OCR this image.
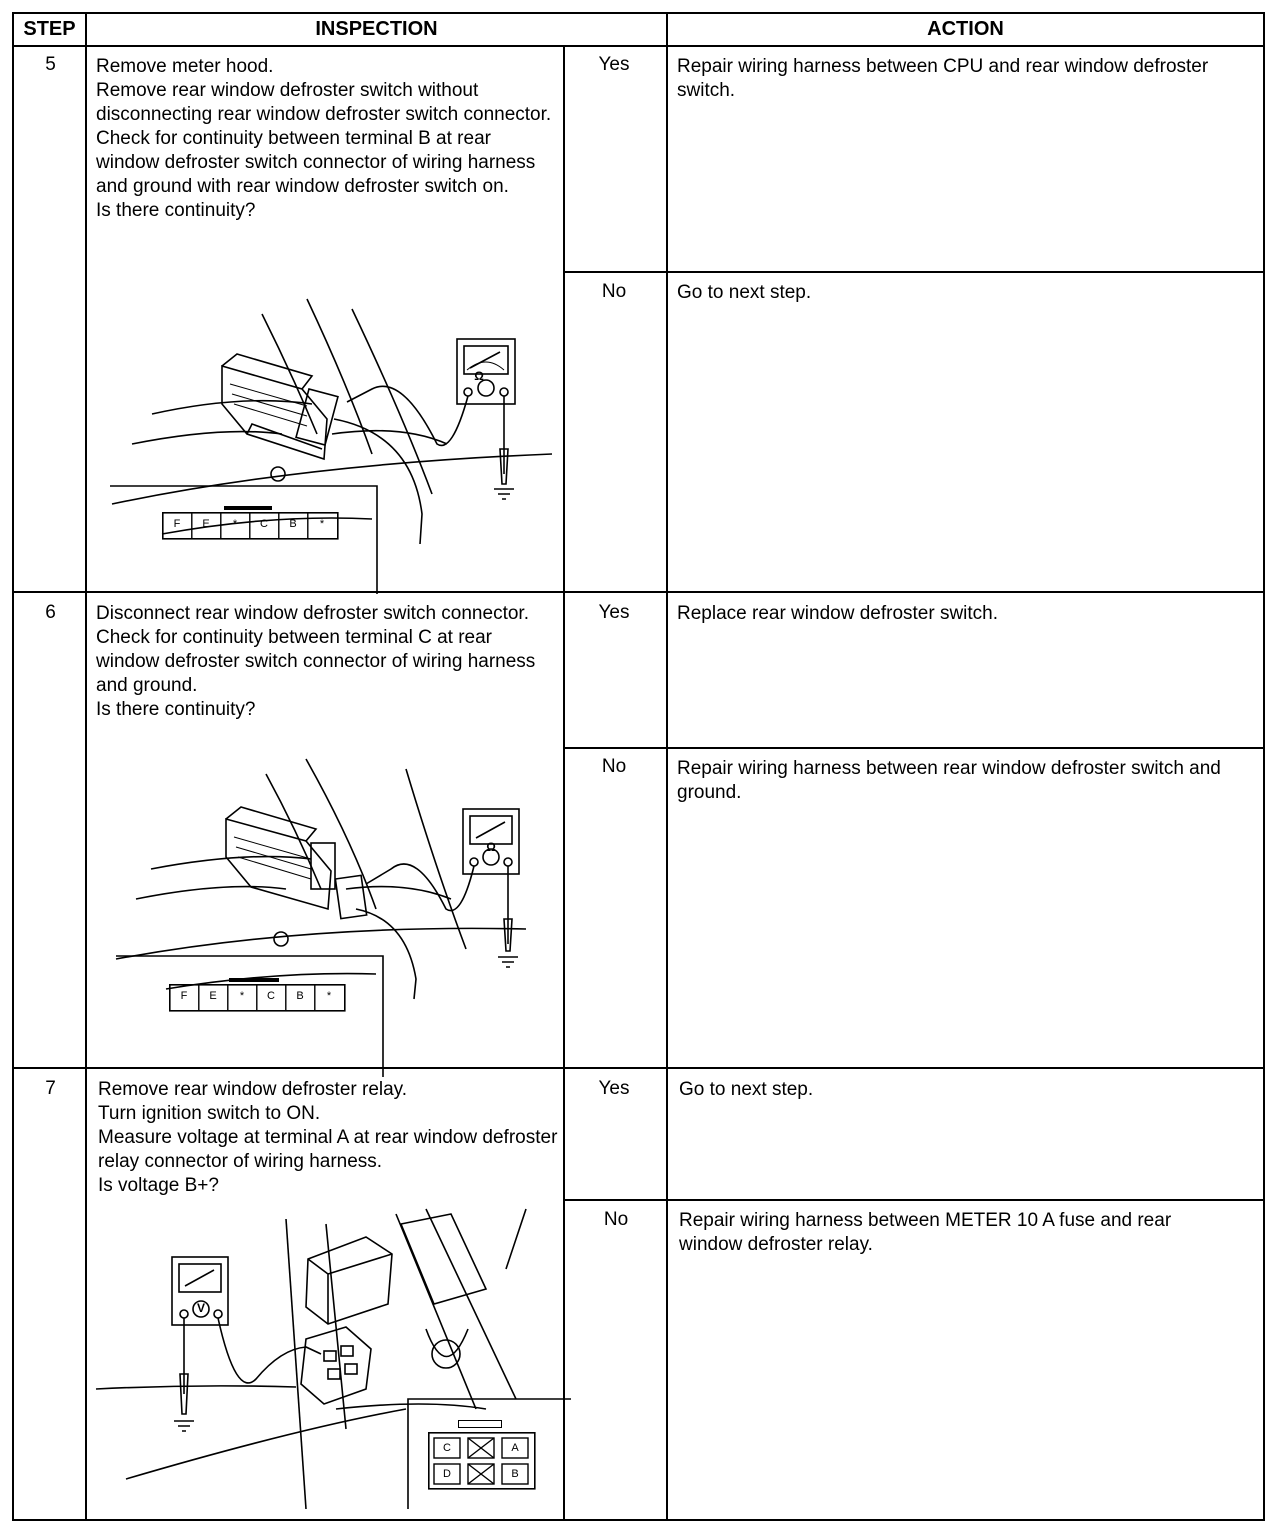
STEP	INSPECTION	ACTION
5	Remove meter hood.
Remove rear window defroster switch without disconnecting rear window defroster switch connector.
Check for continuity between terminal B at rear window defroster switch connector of wiring harness and ground with rear window defroster switch on.
Is there continuity?
Yes	Repair wiring harness between CPU and rear window defroster switch.
No	Go to next step.
F	E	*	C	B	*
Ω
6	Disconnect rear window defroster switch connector.
Check for continuity between terminal C at rear window defroster switch connector of wiring harness and ground.
Is there continuity?
Yes	Replace rear window defroster switch.
No	Repair wiring harness between rear window defroster switch and ground.
F	E	*	C	B	*
Ω
7	Remove rear window defroster relay.
Turn ignition switch to ON.
Measure voltage at terminal A at rear window defroster relay connector of wiring harness.
Is voltage B+?
Yes	Go to next step.
No	Repair wiring harness between METER 10 A fuse and rear window defroster relay.
C	A
D	B
V
